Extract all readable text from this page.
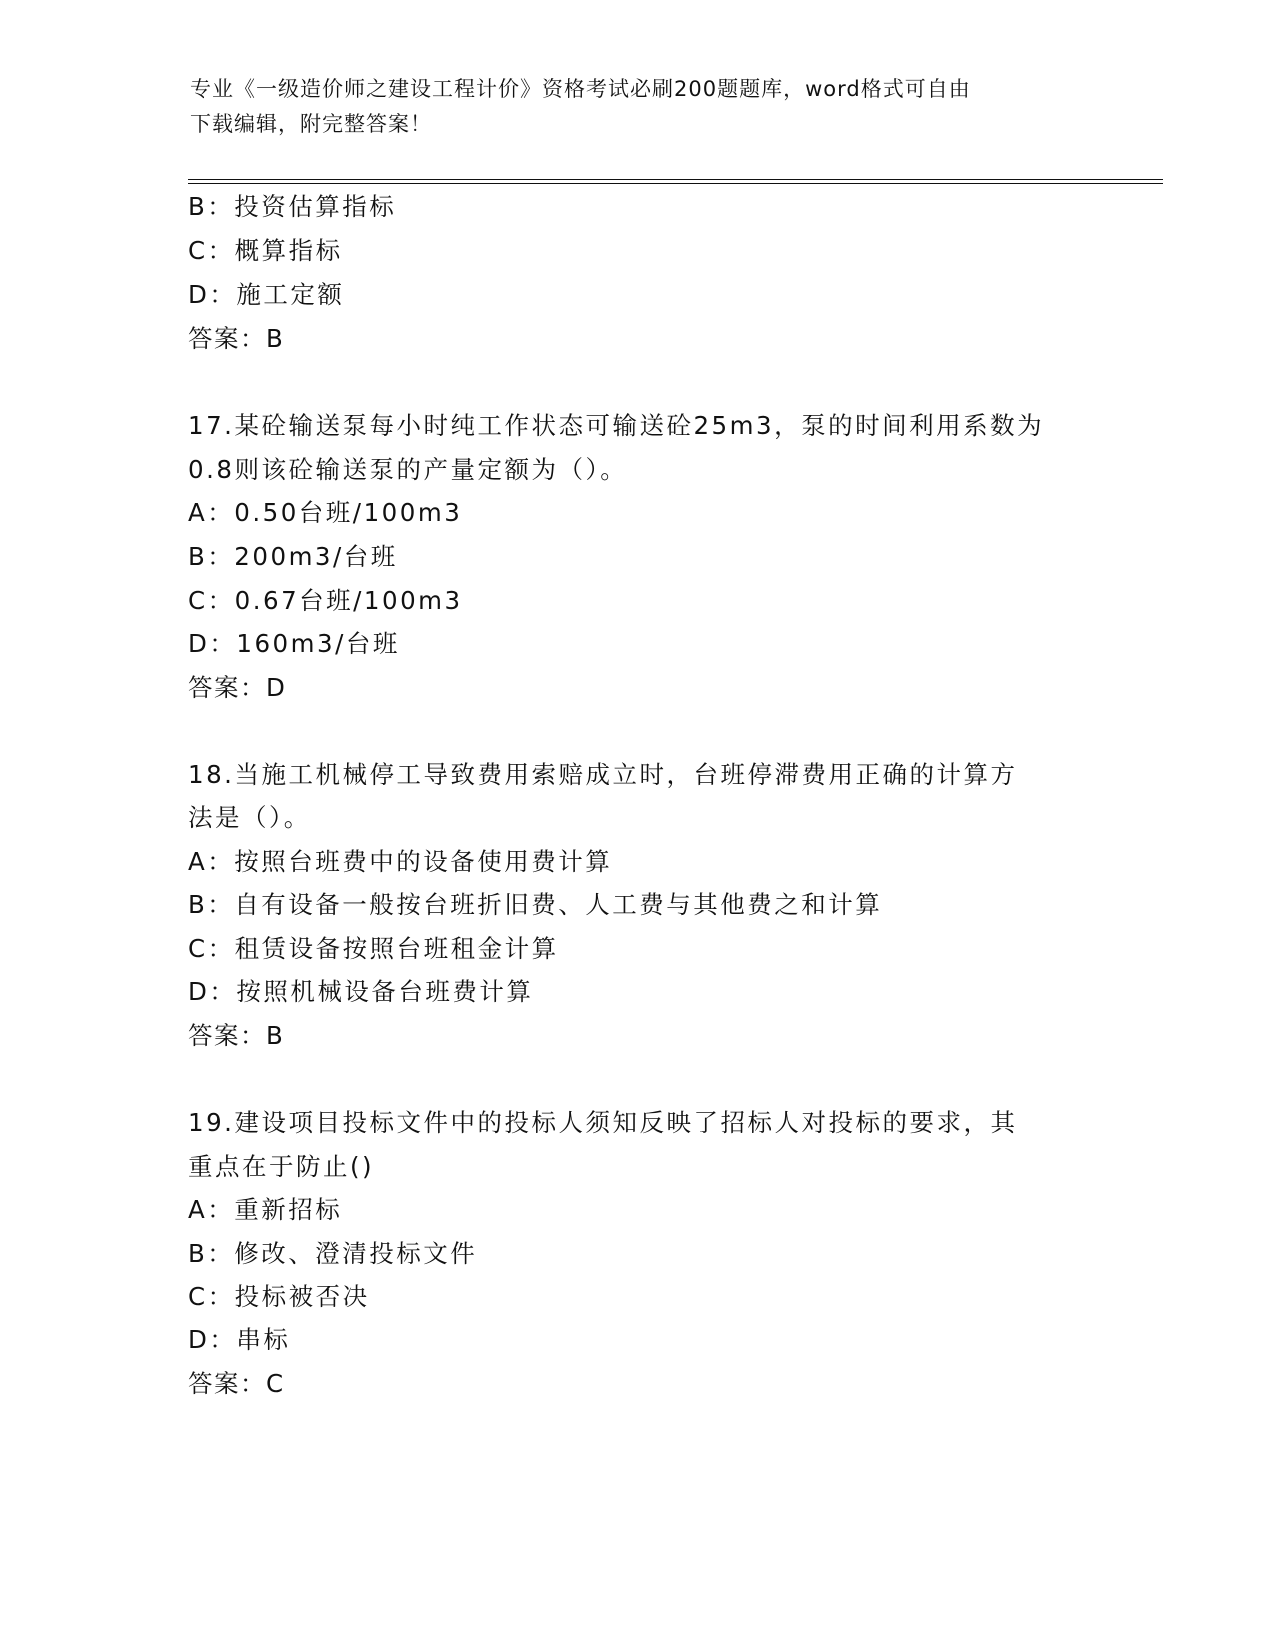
专业《一级造价师之建设工程计价》资格考试必刷200题题库，word格式可自由
下载编辑，附完整答案！
B：投资估算指标
C：概算指标
D：施工定额
答案：B
17.某砼输送泵每小时纯工作状态可输送砼25m3，泵的时间利用系数为
0.8则该砼输送泵的产量定额为（）。
A：0.50台班/100m3
B：200m3/台班
C：0.67台班/100m3
D：160m3/台班
答案：D
18.当施工机械停工导致费用索赔成立时，台班停滞费用正确的计算方
法是（）。
A：按照台班费中的设备使用费计算
B：自有设备一般按台班折旧费、人工费与其他费之和计算
C：租赁设备按照台班租金计算
D：按照机械设备台班费计算
答案：B
19.建设项目投标文件中的投标人须知反映了招标人对投标的要求，其
重点在于防止()
A：重新招标
B：修改、澄清投标文件
C：投标被否决
D：串标
答案：C
